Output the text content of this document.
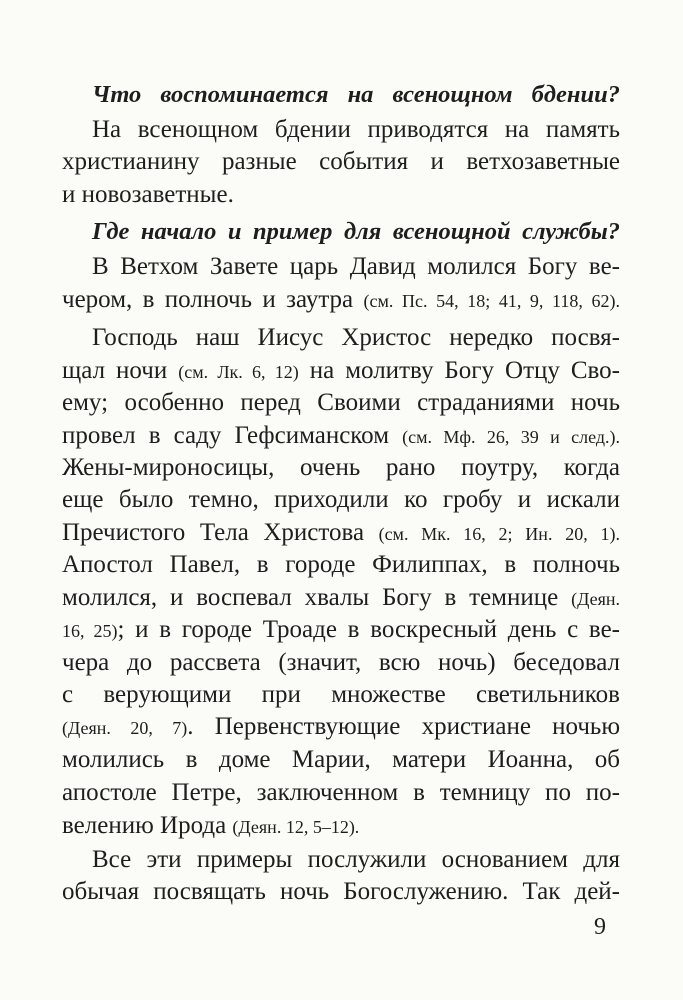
Что воспоминается на всенощном бдении?
На всенощном бдении приводятся на память
христианину разные события и ветхозаветные
и новозаветные.
Где начало и пример для всенощной службы?
В Ветхом Завете царь Давид молился Богу ве-
чером, в полночь и заутра (см. Пс. 54, 18; 41, 9, 118, 62).
Господь наш Иисус Христос нередко посвя-
щал ночи (см. Лк. 6, 12) на молитву Богу Отцу Сво-
ему; особенно перед Своими страданиями ночь
провел в саду Гефсиманском (см. Мф. 26, 39 и след.).
Жены-мироносицы, очень рано поутру, когда
еще было темно, приходили ко гробу и искали
Пречистого Тела Христова (см. Мк. 16, 2; Ин. 20, 1).
Апостол Павел, в городе Филиппах, в полночь
молился, и воспевал хвалы Богу в темнице (Деян.
16, 25); и в городе Троаде в воскресный день с ве-
чера до рассвета (значит, всю ночь) беседовал
с верующими при множестве светильников
(Деян. 20, 7). Первенствующие христиане ночью
молились в доме Марии, матери Иоанна, об
апостоле Петре, заключенном в темницу по по-
велению Ирода (Деян. 12, 5–12).
Все эти примеры послужили основанием для
обычая посвящать ночь Богослужению. Так дей-
9
